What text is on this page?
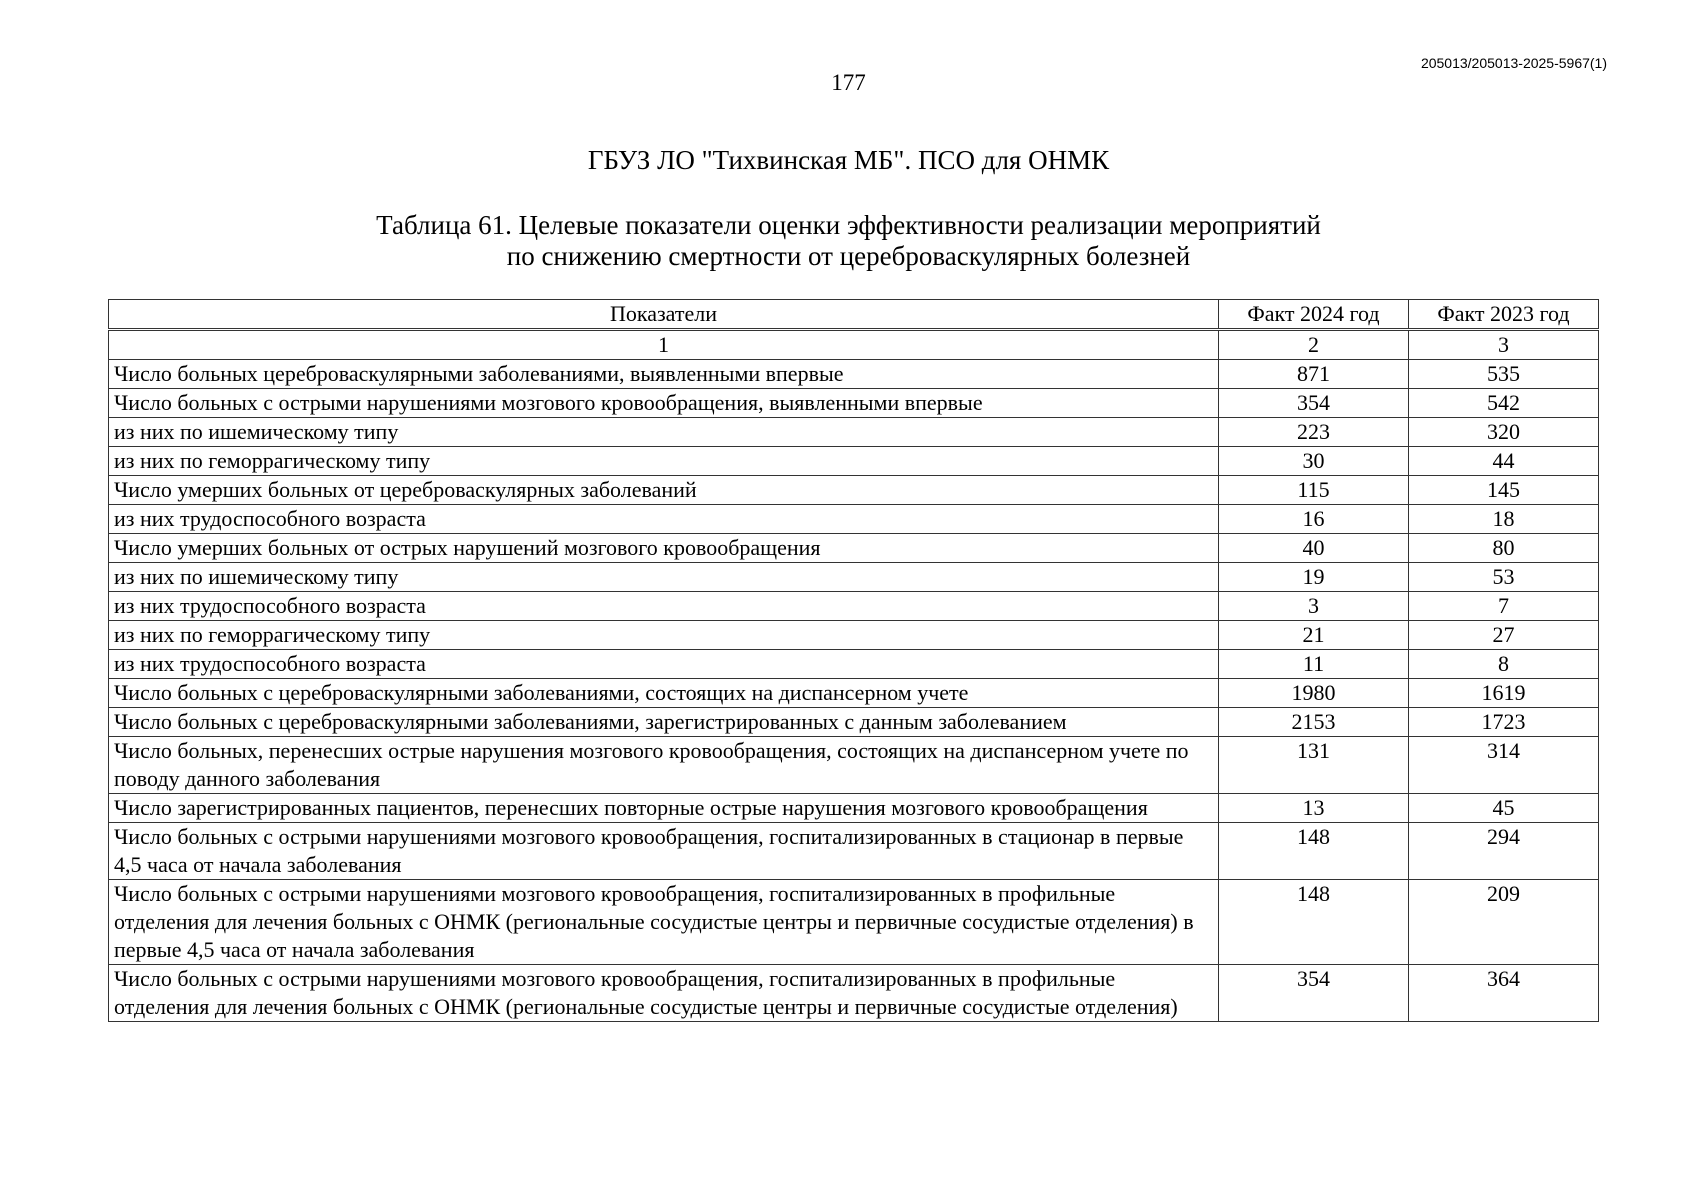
205013/205013-2025-5967(1)
177
ГБУЗ ЛО "Тихвинская МБ". ПСО для ОНМК
Таблица 61. Целевые показатели оценки эффективности реализации мероприятий
по снижению смертности от цереброваскулярных болезней
Показатели	Факт 2024 год	Факт 2023 год
1	2	3
Число больных цереброваскулярными заболеваниями, выявленными впервые	871	535
Число больных с острыми нарушениями мозгового кровообращения, выявленными впервые	354	542
из них по ишемическому типу	223	320
из них по геморрагическому типу	30	44
Число умерших больных от цереброваскулярных заболеваний	115	145
из них трудоспособного возраста	16	18
Число умерших больных от острых нарушений мозгового кровообращения	40	80
из них по ишемическому типу	19	53
из них трудоспособного возраста	3	7
из них по геморрагическому типу	21	27
из них трудоспособного возраста	11	8
Число больных с цереброваскулярными заболеваниями, состоящих на диспансерном учете	1980	1619
Число больных с цереброваскулярными заболеваниями, зарегистрированных с данным заболеванием	2153	1723
Число больных, перенесших острые нарушения мозгового кровообращения, состоящих на диспансерном учете по поводу данного заболевания	131	314
Число зарегистрированных пациентов, перенесших повторные острые нарушения мозгового кровообращения	13	45
Число больных с острыми нарушениями мозгового кровообращения, госпитализированных в стационар в первые 4,5 часа от начала заболевания	148	294
Число больных с острыми нарушениями мозгового кровообращения, госпитализированных в профильные отделения для лечения больных с ОНМК (региональные сосудистые центры и первичные сосудистые отделения) в первые 4,5 часа от начала заболевания	148	209
Число больных с острыми нарушениями мозгового кровообращения, госпитализированных в профильные отделения для лечения больных с ОНМК (региональные сосудистые центры и первичные сосудистые отделения)	354	364
